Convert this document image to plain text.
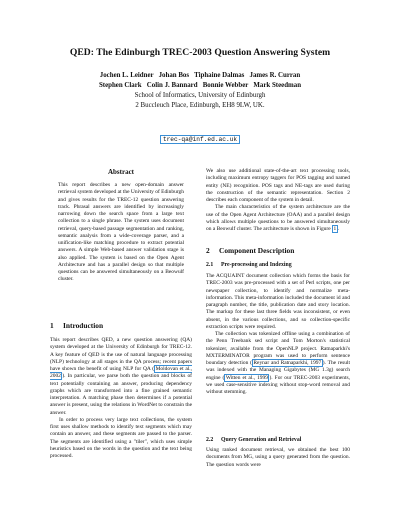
QED: The Edinburgh TREC-2003 Question Answering System
Jochen L. Leidner   Johan Bos   Tiphaine Dalmas   James R. Curran
Stephen Clark   Colin J. Bannard   Bonnie Webber   Mark Steedman
School of Informatics, University of Edinburgh
2 Buccleuch Place, Edinburgh, EH8 9LW, UK.
trec-qa@inf.ed.ac.uk
Abstract
This report describes a new open-domain answer retrieval system developed at the University of Edinburgh and gives results for the TREC-12 question answering track. Phrasal answers are identified by increasingly narrowing down the search space from a large text collection to a single phrase. The system uses document retrieval, query-based passage segmentation and ranking, semantic analysis from a wide-coverage parser, and a unification-like matching procedure to extract potential answers. A simple Web-based answer validation stage is also applied. The system is based on the Open Agent Architecture and has a parallel design so that multiple questions can be answered simultaneously on a Beowulf cluster.
1 Introduction

This report describes QED, a new question answering (QA) system developed at the University of Edinburgh for TREC-12. A key feature of QED is the use of natural language processing (NLP) technology at all stages in the QA process; recent papers have shown the benefit of using NLP for QA ( Moldovan et al., 2002 ). In particular, we parse both the question and blocks of text potentially containing an answer, producing dependency graphs which are transformed into a fine grained semantic interpretation. A matching phase then determines if a potential answer is present, using the relations in WordNet to constrain the answer.

In order to process very large text collections, the system first uses shallow methods to identify text segments which may contain an answer, and these segments are passed to the parser. The segments are identified using a "tiler", which uses simple heuristics based on the words in the question and the text being processed.

We also use additional state-of-the-art text processing tools, including maximum entropy taggers for POS tagging and named entity (NE) recognition. POS tags and NE-tags are used during the construction of the semantic representation. Section 2 describes each component of the system in detail.

The main characteristics of the system architecture are the use of the Open Agent Architecture (OAA) and a parallel design which allows multiple questions to be answered simultaneously on a Beowulf cluster. The architecture is shown in Figure 1 .

2 Component Description
2.1 Pre-processing and Indexing

The ACQUAINT document collection which forms the basis for TREC-2003 was pre-processed with a set of Perl scripts, one per newspaper collection, to identify and normalize meta-information. This meta-information included the document id and paragraph number, the title, publication date and story location. The markup for these last three fields was inconsistent, or even absent, in the various collections, and so collection-specific extraction scripts were required.

The collection was tokenized offline using a combination of the Penn Treebank sed script and Tom Morton's statistical tokenizer, available from the OpenNLP project. Ratnaparkhi's MXTERMINATOR program was used to perform sentence boundary detection ( Reynar and Ratnaparkhi, 1997 ). The result was indexed with the Managing Gigabytes (MG 1.3g) search engine ( Witten et al., 1999 ). For our TREC-2003 experiments, we used case-sensitive indexing without stop-word removal and without stemming.

2.2 Query Generation and Retrieval

Using ranked document retrieval, we obtained the best 100 documents from MG, using a query generated from the question. The question words were
